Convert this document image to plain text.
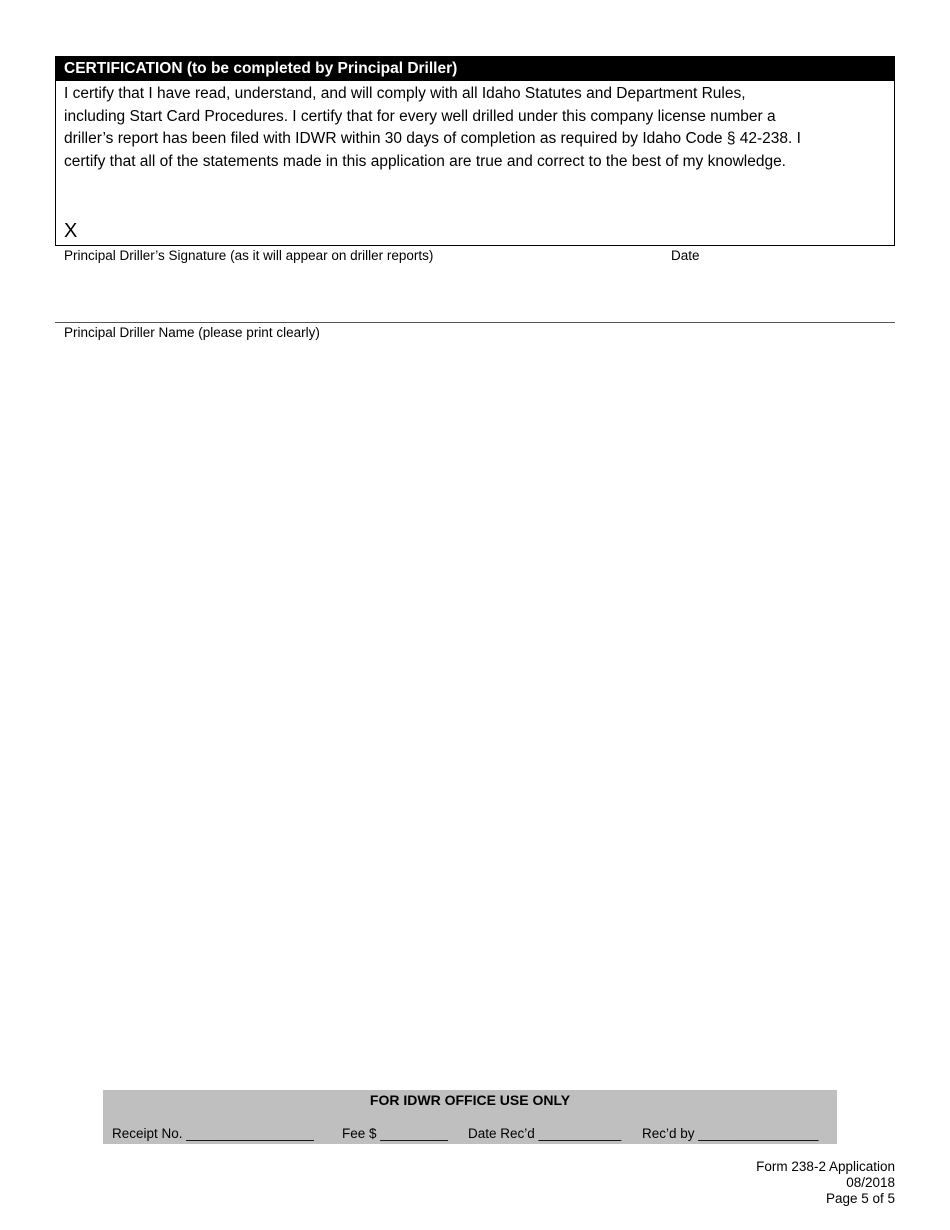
CERTIFICATION (to be completed by Principal Driller)
I certify that I have read, understand, and will comply with all Idaho Statutes and Department Rules,
including Start Card Procedures. I certify that for every well drilled under this company license number a
driller’s report has been filed with IDWR within 30 days of completion as required by Idaho Code § 42-238. I
certify that all of the statements made in this application are true and correct to the best of my knowledge.
X
Principal Driller’s Signature (as it will appear on driller reports)	Date
Principal Driller Name (please print clearly)
FOR IDWR OFFICE USE ONLY
Receipt No. _________________ Fee $ _________ Date Rec’d ___________ Rec’d by ________________
Form 238-2 Application
08/2018
Page 5 of 5
